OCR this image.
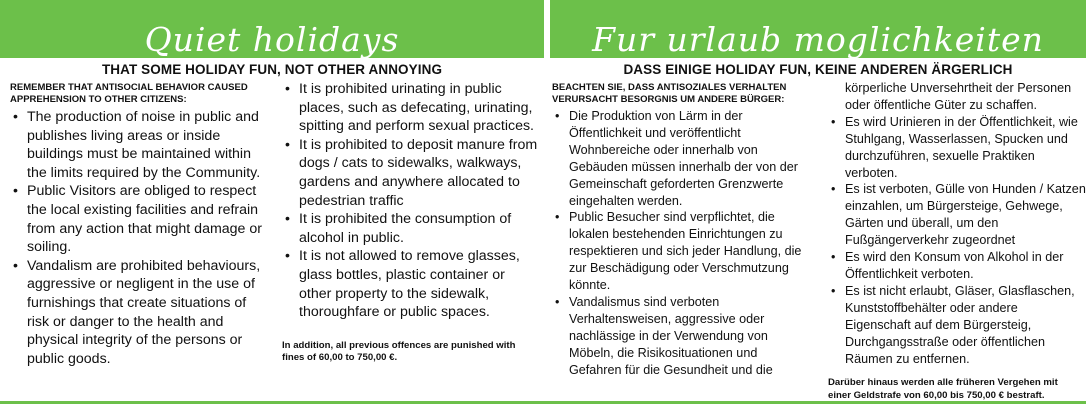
Quiet holidays
THAT SOME HOLIDAY FUN, NOT OTHER ANNOYING
REMEMBER THAT ANTISOCIAL BEHAVIOR CAUSED APPREHENSION TO OTHER CITIZENS:
• The production of noise in public and publishes living areas or inside buildings must be maintained within the limits required by the Community.
• Public Visitors are obliged to respect the local existing facilities and refrain from any action that might damage or soiling.
• Vandalism are prohibited behaviours, aggressive or negligent in the use of furnishings that create situations of risk or danger to the health and physical integrity of the persons or public goods.
• It is prohibited urinating in public places, such as defecating, urinating, spitting and perform sexual practices.
• It is prohibited to deposit manure from dogs / cats to sidewalks, walkways, gardens and anywhere allocated to pedestrian traffic
• It is prohibited the consumption of alcohol in public.
• It is not allowed to remove glasses, glass bottles, plastic container or other property to the sidewalk, thoroughfare or public spaces.
In addition, all previous offences are punished with fines of 60,00 to 750,00 €.
Fur urlaub moglichkeiten
DASS EINIGE HOLIDAY FUN, KEINE ANDEREN ÄRGERLICH
BEACHTEN SIE, DASS ANTISOZIALES VERHALTEN VERURSACHT BESORGNIS UM ANDERE BÜRGER:
• Die Produktion von Lärm in der Öffentlichkeit und veröffentlicht Wohnbereiche oder innerhalb von Gebäuden müssen innerhalb der von der Gemeinschaft geforderten Grenzwerte eingehalten werden.
• Public Besucher sind verpflichtet, die lokalen bestehenden Einrichtungen zu respektieren und sich jeder Handlung, die zur Beschädigung oder Verschmutzung könnte.
• Vandalismus sind verboten Verhaltensweisen, aggressive oder nachlässige in der Verwendung von Möbeln, die Risikosituationen und Gefahren für die Gesundheit und die
körperliche Unversehrtheit der Personen oder öffentliche Güter zu schaffen.
• Es wird Urinieren in der Öffentlichkeit, wie Stuhlgang, Wasserlassen, Spucken und durchzuführen, sexuelle Praktiken verboten.
• Es ist verboten, Gülle von Hunden / Katzen einzahlen, um Bürgersteige, Gehwege, Gärten und überall, um den Fußgängerverkehr zugeordnet
• Es wird den Konsum von Alkohol in der Öffentlichkeit verboten.
• Es ist nicht erlaubt, Gläser, Glasflaschen, Kunststoffbehälter oder andere Eigenschaft auf dem Bürgersteig, Durchgangsstraße oder öffentlichen Räumen zu entfernen.
Darüber hinaus werden alle früheren Vergehen mit einer Geldstrafe von 60,00 bis 750,00 € bestraft.
